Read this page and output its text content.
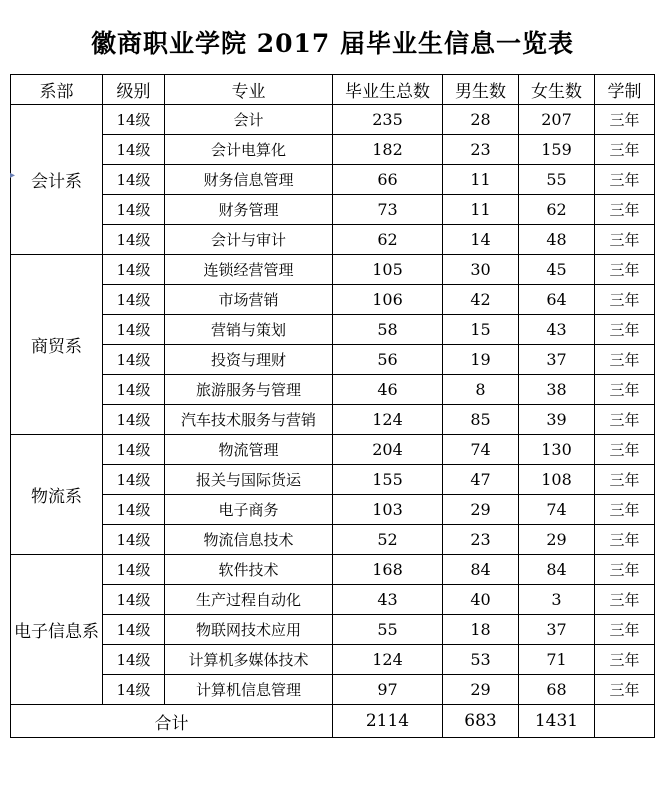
▸
徽商职业学院 2017 届毕业生信息一览表
系部	级别	专业	毕业生总数	男生数	女生数	学制
会计系	14级	会计	235	28	207	三年
	14级	会计电算化	182	23	159	三年
	14级	财务信息管理	66	11	55	三年
	14级	财务管理	73	11	62	三年
	14级	会计与审计	62	14	48	三年
商贸系	14级	连锁经营管理	105	30	45	三年
	14级	市场营销	106	42	64	三年
	14级	营销与策划	58	15	43	三年
	14级	投资与理财	56	19	37	三年
	14级	旅游服务与管理	46	8	38	三年
	14级	汽车技术服务与营销	124	85	39	三年
物流系	14级	物流管理	204	74	130	三年
	14级	报关与国际货运	155	47	108	三年
	14级	电子商务	103	29	74	三年
	14级	物流信息技术	52	23	29	三年
电子信息系	14级	软件技术	168	84	84	三年
	14级	生产过程自动化	43	40	3	三年
	14级	物联网技术应用	55	18	37	三年
	14级	计算机多媒体技术	124	53	71	三年
	14级	计算机信息管理	97	29	68	三年
合计			2114	683	1431	
